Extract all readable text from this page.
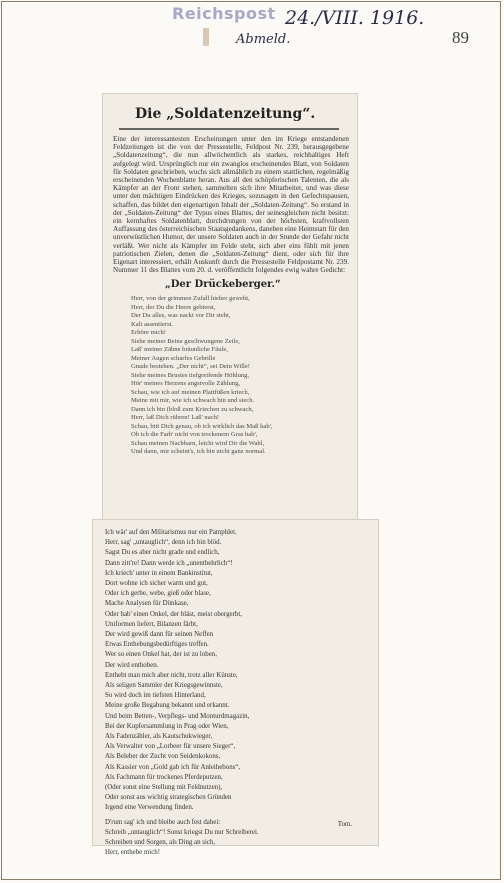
Reichspost 24./VIII. 1916.
Abmeld.	89
Die „Soldatenzeitung“.
Eine der interessantesten Erscheinungen unter den im Kriege entstandenen Feldzeitungen ist die von der Pressestelle, Feldpost Nr. 239, herausgegebene „Soldatenzeitung“, die nun allwöchentlich als starkes, reichhaltiges Heft aufgelegt wird. Ursprünglich nur ein zwanglos erscheinendes Blatt, von Soldaten für Soldaten geschrieben, wuchs sich allmählich zu einem stattlichen, regelmäßig erscheinenden Wochenblatte heran. Aus all den schöpferischen Talenten, die als Kämpfer an der Front stehen, sammelten sich ihre Mitarbeiter, und was diese unter den mächtigen Eindrücken des Krieges, sozusagen in den Gefechtspausen, schaffen, das bildet den eigenartigen Inhalt der „Soldaten-Zeitung“. So erstand in der „Soldaten-Zeitung“ der Typus eines Blattes, der seinesgleichen nicht besitzt: ein kernhaftes Soldatenblatt, durchdrungen von der höchsten, kraftvollsten Auffassung des österreichischen Staatsgedankens, daneben eine Heimstatt für den unverwüstlichen Humor, der unsere Soldaten auch in der Stunde der Gefahr nicht verläßt. Wer nicht als Kämpfer im Felde steht, sich aber eins fühlt mit jenen patriotischen Zielen, denen die „Soldaten-Zeitung“ dient, oder sich für ihre Eigenart interessiert, erhält Auskunft durch die Pressestelle Feldpostamt Nr. 239. Nummer 11 des Blattes vom 20. d. veröffentlicht folgendes ewig wahre Gedicht:
„Der Drückeberger.“
Herr, von der grimmen Zufall hieher geweht,
Herr, der Du die Heere gebierst,
Der Du alles, was nackt vor Dir steht,
Kalt assentierst.
Erhöre mich!
Siehe meiner Beine geschwungene Zeile,
Laß' meiner Zähne bräunliche Fäule,
Meiner Augen scharfes Gebrille
Gnade bestehen. „Der nicht“, sei Dein Wille!
Siehe meines Brustes tiefgreifende Höhlung,
Hör' meines Herzens angstvolle Zählung,
Schau, wie ich auf meinen Plattfüßen kriech,
Meine mit mir, wie ich schwach bin und siech.
Dann ich bin (bloß zum Kriechen zu schwach,
Herr, laß Dich rühren! Laß' nach!
Schau, bitt Dich genau, ob ich wirklich das Maß hab',
Ob ich die Farb' nicht von trockenem Gras hab',
Schau meinen Nachbarn, leicht wird Dir die Wahl,
Und dann, mir scheint's, ich bin nicht ganz normal.
Ich wär' auf den Militarismus nur ein Pamphlet.
Herr, sag' „untauglich“, denn ich bin blöd.
Sagst Du es aber nicht grade und endlich,
Dann zitt're! Dann werde ich „unentbehrlich“!
Ich kriech' unter in einem Bankinstitut,
Dort wohne ich sicher warm und gut,
Oder ich gerbe, webe, gieß oder blase,
Mache Analysen für Dünkase,
Oder hab' einen Onkel, der bläst, meist obergerbt,
Uniformen liefert, Bilanzen färbt,
Der wird gewiß dann für seinen Neffen
Etwas Enthebungsbedürftiges treffen.
Wer so einen Onkel hat, der ist zu loben,
Der wird enthoben.
Enthebt man mich aber nicht, trotz aller Künste,
Als seligen Sammler der Kriegsgewinnste,
So wird doch im tiefsten Hinterland,
Meine große Begabung bekannt und erkannt.
Und beim Betten-, Verpflegs- und Monturdmagazin,
Bei der Kupfersammlung in Prag oder Wien,
Als Fadenzähler, als Kautschukwieger,
Als Verwalter von „Lorbeer für unsere Sieger“,
Als Beleber der Zucht von Seidenkokons,
Als Kassier von „Gold gab ich für Anleihebons“,
Als Fachmann für trockenes Pferdeputzen,
(Oder sonst eine Stellung mit Feldnutzen),
Oder sonst aus wichtig strategischen Gründen
Irgend eine Verwendung finden.
D'rum sag' ich und bleibe auch fest dabei:
Schreib „untauglich“! Sonst kriegst Du nur Schreiberei.
Schreiben und Sorgen, als Ding an sich,
Herr, enthebe mich!
Tom.
